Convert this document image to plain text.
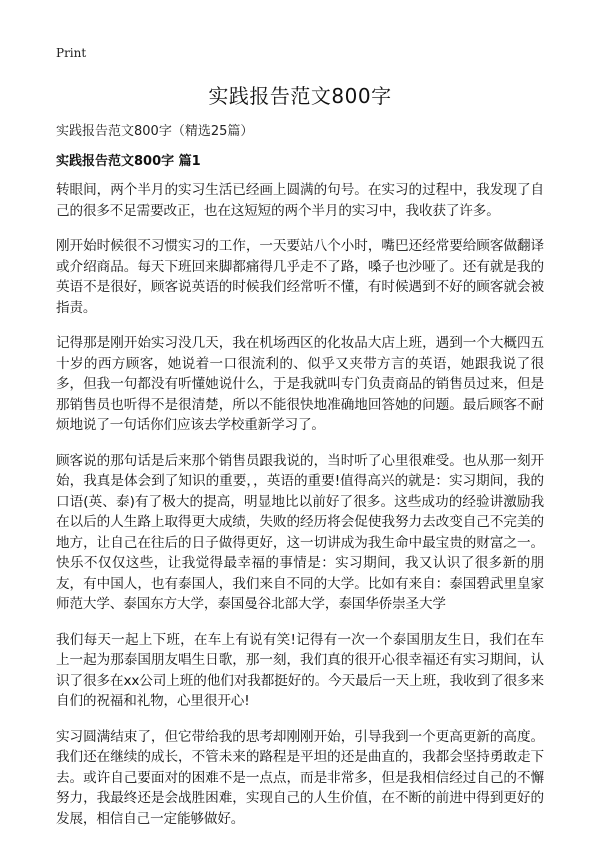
Print
实践报告范文800字
实践报告范文800字（精选25篇）
实践报告范文800字 篇1

转眼间，两个半月的实习生活已经画上圆满的句号。在实习的过程中，我发现了自己的很多不足需要改正，也在这短短的两个半月的实习中，我收获了许多。

刚开始时候很不习惯实习的工作，一天要站八个小时，嘴巴还经常要给顾客做翻译或介绍商品。每天下班回来脚都痛得几乎走不了路，嗓子也沙哑了。还有就是我的英语不是很好，顾客说英语的时候我们经常听不懂，有时候遇到不好的顾客就会被指责。

记得那是刚开始实习没几天，我在机场西区的化妆品大店上班，遇到一个大概四五十岁的西方顾客，她说着一口很流利的、似乎又夹带方言的英语，她跟我说了很多，但我一句都没有听懂她说什么，于是我就叫专门负责商品的销售员过来，但是那销售员也听得不是很清楚，所以不能很快地准确地回答她的问题。最后顾客不耐烦地说了一句话你们应该去学校重新学习了。

顾客说的那句话是后来那个销售员跟我说的，当时听了心里很难受。也从那一刻开始，我真是体会到了知识的重要，，英语的重要!值得高兴的就是：实习期间，我的口语(英、泰)有了极大的提高，明显地比以前好了很多。这些成功的经验讲激励我在以后的人生路上取得更大成绩，失败的经历将会促使我努力去改变自己不完美的地方，让自己在往后的日子做得更好，这一切讲成为我生命中最宝贵的财富之一。快乐不仅仅这些，让我觉得最幸福的事情是：实习期间，我又认识了很多新的朋友，有中国人，也有泰国人，我们来自不同的大学。比如有来自：泰国碧武里皇家师范大学、泰国东方大学，泰国曼谷北部大学，泰国华侨崇圣大学

我们每天一起上下班，在车上有说有笑!记得有一次一个泰国朋友生日，我们在车上一起为那泰国朋友唱生日歌，那一刻，我们真的很开心很幸福还有实习期间，认识了很多在xx公司上班的他们对我都挺好的。今天最后一天上班，我收到了很多来自们的祝福和礼物，心里很开心!

实习圆满结束了，但它带给我的思考却刚刚开始，引导我到一个更高更新的高度。我们还在继续的成长，不管未来的路程是平坦的还是曲直的，我都会坚持勇敢走下去。或许自己要面对的困难不是一点点，而是非常多，但是我相信经过自己的不懈努力，我最终还是会战胜困难，实现自己的人生价值，在不断的前进中得到更好的发展，相信自己一定能够做好。
